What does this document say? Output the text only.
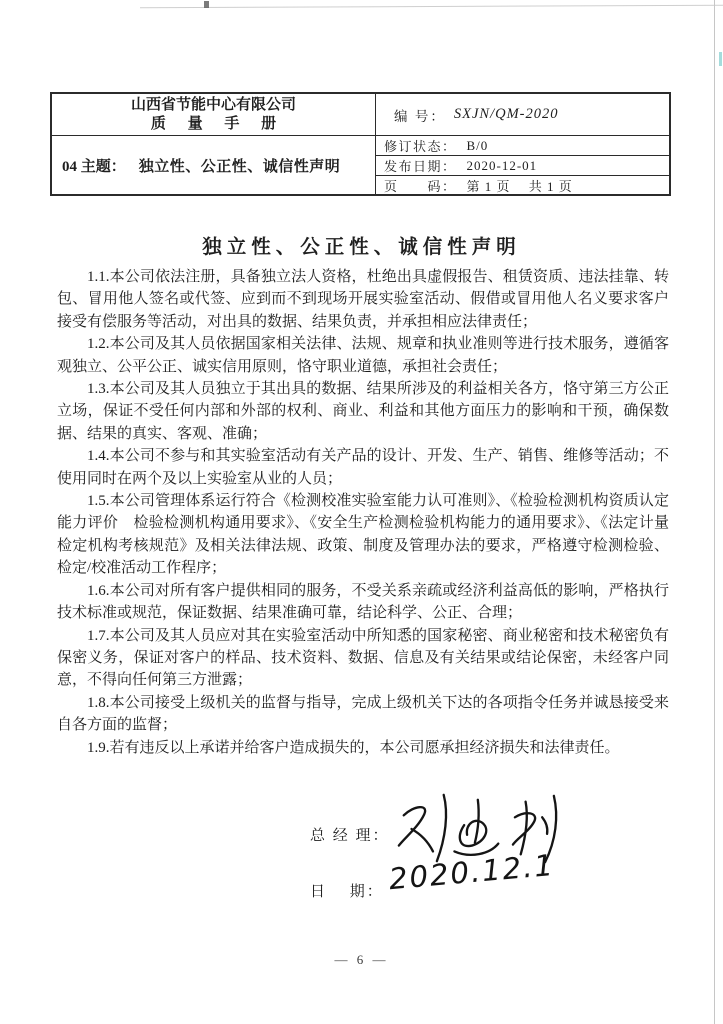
山西省节能中心有限公司
质 量 手 册	编 号： SXJN/QM-2020
04 主题： 独立性、公正性、诚信性声明
修订状态： B/0
发布日期： 2020-12-01
页　　码： 第 1 页　 共 1 页
独立性、公正性、诚信性声明

1.1.本公司依法注册，具备独立法人资格，杜绝出具虚假报告、租赁资质、违法挂靠、转包、冒用他人签名或代签、应到而不到现场开展实验室活动、假借或冒用他人名义要求客户接受有偿服务等活动，对出具的数据、结果负责，并承担相应法律责任；

1.2.本公司及其人员依据国家相关法律、法规、规章和执业准则等进行技术服务，遵循客观独立、公平公正、诚实信用原则，恪守职业道德，承担社会责任；

1.3.本公司及其人员独立于其出具的数据、结果所涉及的利益相关各方，恪守第三方公正立场，保证不受任何内部和外部的权利、商业、利益和其他方面压力的影响和干预，确保数据、结果的真实、客观、准确；

1.4.本公司不参与和其实验室活动有关产品的设计、开发、生产、销售、维修等活动；不使用同时在两个及以上实验室从业的人员；

1.5.本公司管理体系运行符合《检测校准实验室能力认可准则》、《检验检测机构资质认定能力评价　检验检测机构通用要求》、《安全生产检测检验机构能力的通用要求》、《法定计量检定机构考核规范》及相关法律法规、政策、制度及管理办法的要求，严格遵守检测检验、检定/校准活动工作程序；

1.6.本公司对所有客户提供相同的服务，不受关系亲疏或经济利益高低的影响，严格执行技术标准或规范，保证数据、结果准确可靠，结论科学、公正、合理；

1.7.本公司及其人员应对其在实验室活动中所知悉的国家秘密、商业秘密和技术秘密负有保密义务，保证对客户的样品、技术资料、数据、信息及有关结果或结论保密，未经客户同意，不得向任何第三方泄露；

1.8.本公司接受上级机关的监督与指导，完成上级机关下达的各项指令任务并诚恳接受来自各方面的监督；

1.9.若有违反以上承诺并给客户造成损失的，本公司愿承担经济损失和法律责任。

总 经 理：
日　 期： 2020.12.1
— 6 —
